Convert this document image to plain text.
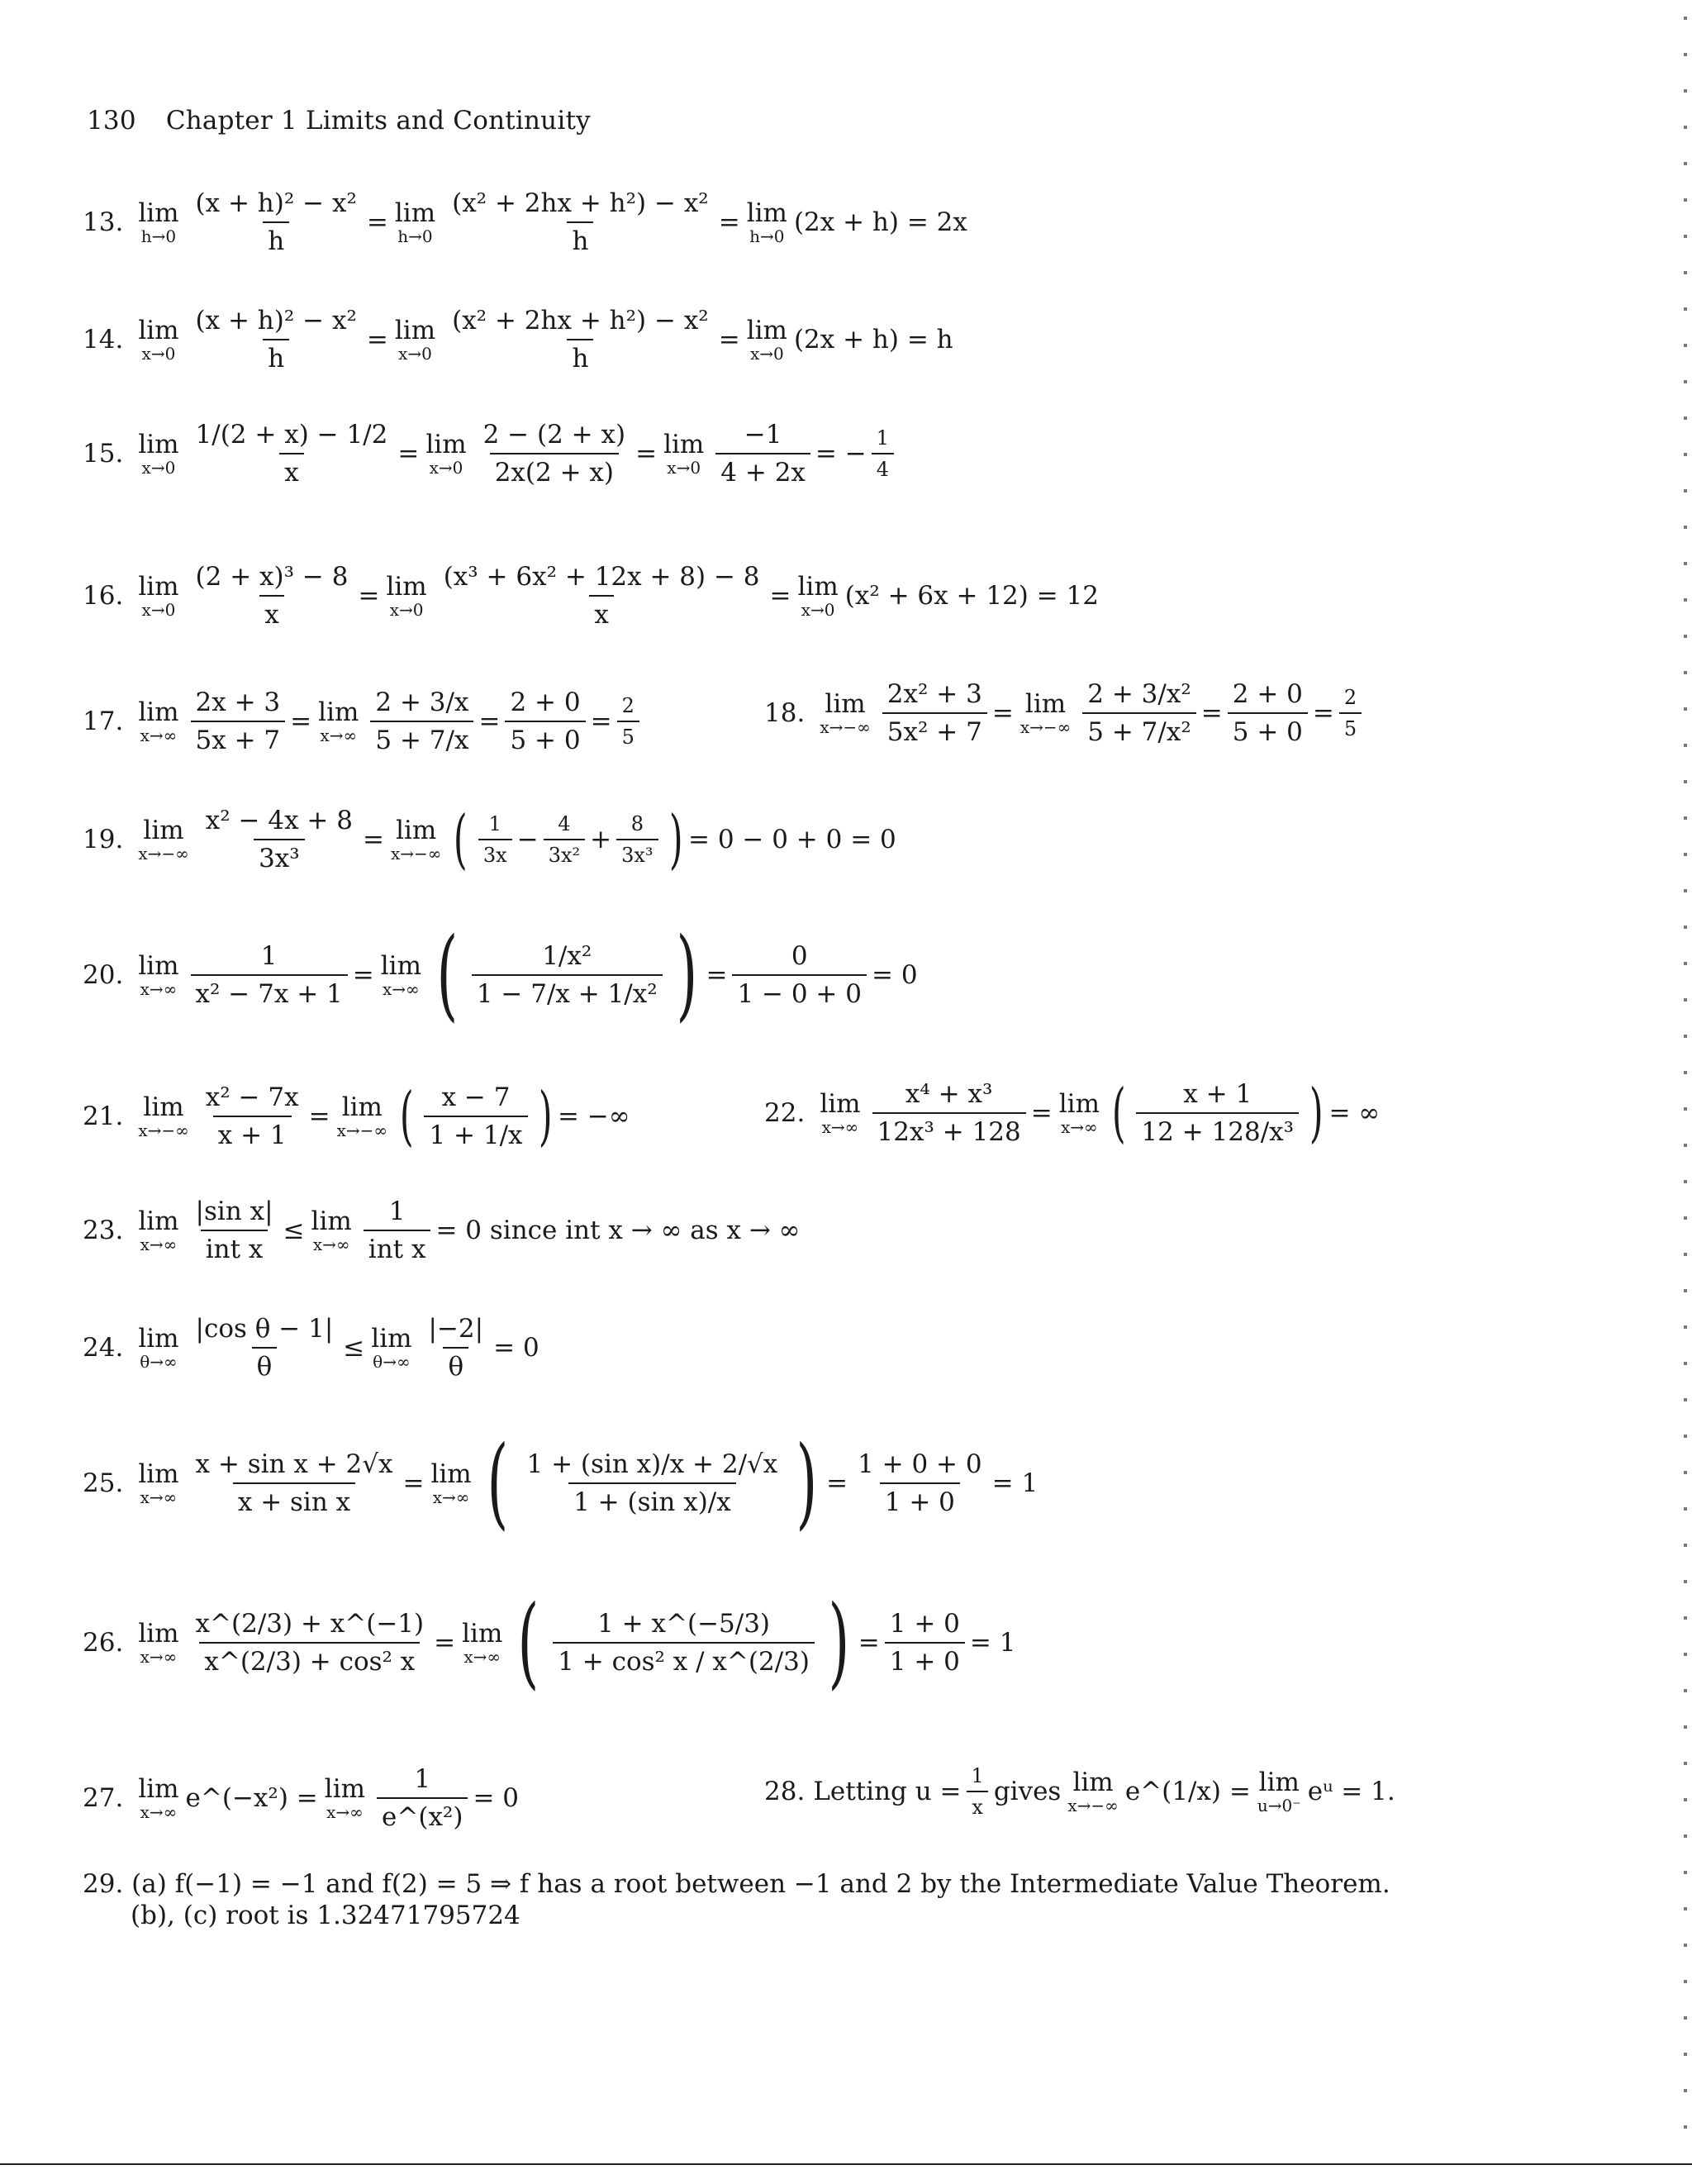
130 Chapter 1 Limits and Continuity
13. lim
$h\to 0 \frac{\text{(x + h)² − x²}}{h} = \lim$
$h\to 0 \frac{\text{(x² + 2hx + h²) − x²}}{h} = \lim$
h→0 (2x + h) = 2x
14. lim
$x\to 0 \frac{\text{(x + h)² − x²}}{h} = \lim$
$x\to 0 \frac{\text{(x² + 2hx + h²) − x²}}{h} = \lim$
x→0 (2x + h) = h
15. lim
$x\to 0 \frac{1/(2 + x) - 1/2}{x} = \lim$
$x\to 0 \frac{2 - (2 + x)}{2x(2 + x)} = \lim$
$x\to 0 \frac{-1}{4 + 2x}$ = − $\frac{1}{4}$
16. lim
$x\to 0 \frac{\text{(2 + x)³ − 8}}{x} = \lim$
$x\to 0 \frac{\text{(x³ + 6x² + 12x + 8) − 8}}{x} = \lim$
x→0 (x² + 6x + 12) = 12
17. lim
$x\to\infty \frac{2x + 3}{5x + 7} = \lim$
$x\to\infty \frac{2 + 3/x}{5 + 7/x} = \frac{2 + 0}{5 + 0} = \frac{2}{5}$	18. lim
$x\to-\infty \frac{\text{2x² + 3}}{\text{5x² + 7}} = \lim$
$x\to-\infty \frac{\text{2 + 3/x²}}{\text{5 + 7/x²}} = \frac{2 + 0}{5 + 0} = \frac{2}{5}$
19. lim
$x\to-\infty \frac{\text{x² − 4x + 8}}{\text{3x³}} = \lim$
x→−∞ ( $\frac{1}{3x} - \frac{4}{\text{3x²}} + \frac{8}{\text{3x³}}$ ) = 0 − 0 + 0 = 0
20. lim
$x\to\infty \frac{1}{\text{x² − 7x + 1}} = \lim$
x→∞ ( $\frac{\text{1/x²}}{\text{1 − 7/x + 1/x²}}$ ) = $\frac{0}{1 - 0 + 0} = 0$
21. lim
$x\to-\infty \frac{\text{x² − 7x}}{x + 1} = \lim$
x→−∞ ( $\frac{x - 7}{1 + 1/x}$ ) = −∞	22. lim
$x\to\infty \frac{\text{x⁴ + x³}}{\text{12x³ + 128}} = \lim$
x→∞ ( $\frac{x + 1}{\text{12 + 128/x³}}$ ) = ∞
23. lim
$x\to\infty \frac{\text{|sin x|}}{\text{int x}} \le \lim$
$x\to\infty \frac{1}{\text{int x}} = 0$ since int x → ∞ as x → ∞
24. lim
$\theta\to\infty \frac{\text{|cos θ − 1|}}{\theta} \le \lim$
$\theta\to\infty \frac{|-2|}{\theta} = 0$
25. lim
$x\to\infty \frac{\text{x + sin x + 2√x}}{\text{x + sin x}} = \lim$
x→∞ ( $\frac{\text{1 + (sin x)/x + 2/√x}}{\text{1 + (sin x)/x}}$ ) = $\frac{1 + 0 + 0}{1 + 0} = 1$
26. lim
$x\to\infty \frac{x\^{}(2/3) + x\^{}(-1)}{\text{x\textasciicircum{}(2/3) + cos² x}} = \lim$
x→∞ ( $\frac{1 + x\^{}(-5/3)}{\text{1 + cos² x / x\textasciicircum{}(2/3)}}$ ) = $\frac{1 + 0}{1 + 0} = 1$
27. lim
x→∞ e^(−x²) = lim
$x\to\infty \frac{1}{\text{e\textasciicircum{}(x²)}} = 0$	28. Letting $u = \frac{1}{x}$ gives lim
x→−∞ e^(1/x) = lim
u→0⁻ eᵘ = 1.
29. (a) f(−1) = −1 and f(2) = 5 ⇒ f has a root between −1 and 2 by the Intermediate Value Theorem.
(b), (c) root is 1.32471795724
